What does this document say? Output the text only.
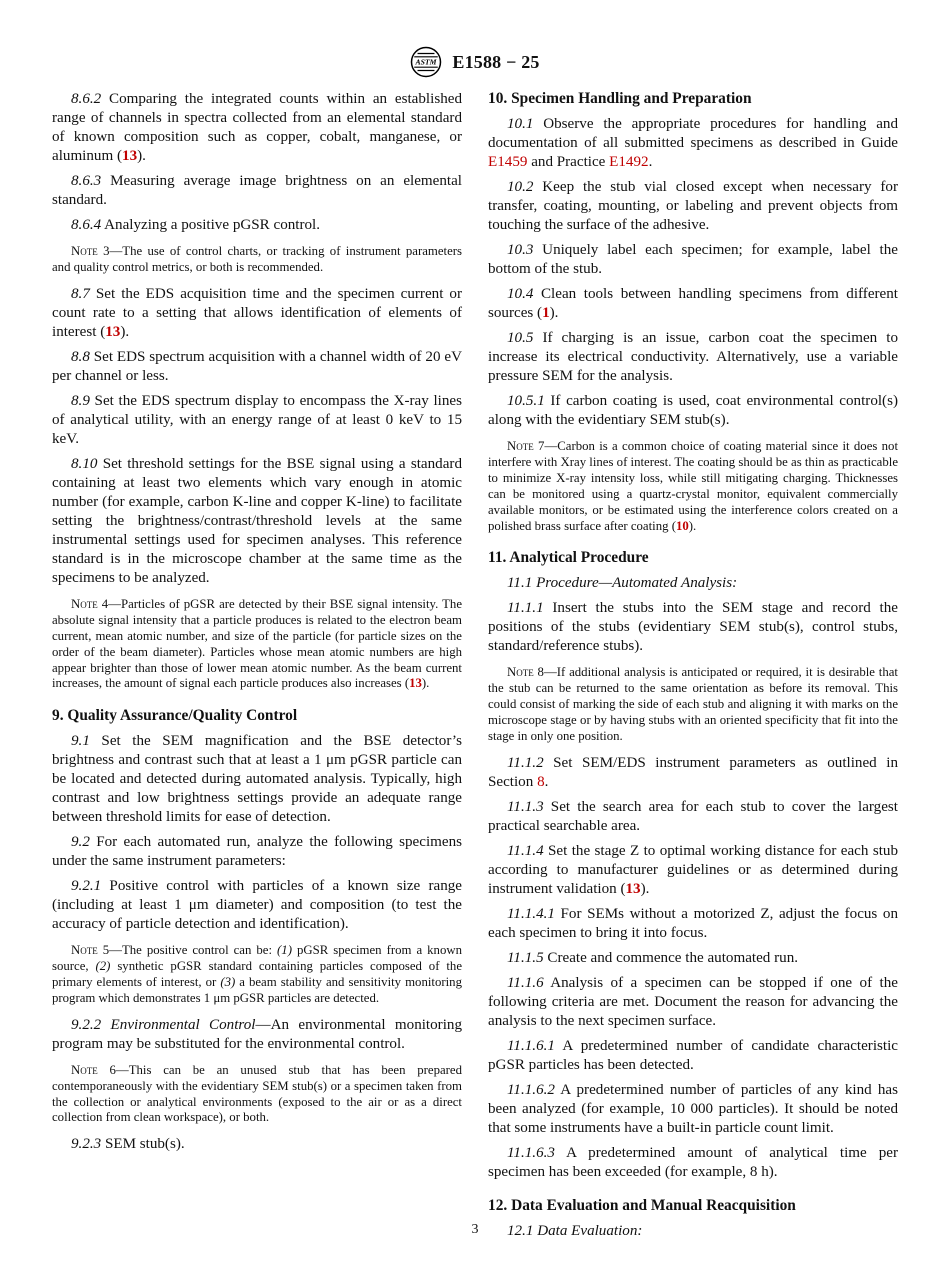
ASTM E1588 − 25

8.6.2 Comparing the integrated counts within an established range of channels in spectra collected from an elemental standard of known composition such as copper, cobalt, manganese, or aluminum (13).

8.6.3 Measuring average image brightness on an elemental standard.

8.6.4 Analyzing a positive pGSR control.

Note 3—The use of control charts, or tracking of instrument parameters and quality control metrics, or both is recommended.

8.7 Set the EDS acquisition time and the specimen current or count rate to a setting that allows identification of elements of interest (13).

8.8 Set EDS spectrum acquisition with a channel width of 20 eV per channel or less.

8.9 Set the EDS spectrum display to encompass the X-ray lines of analytical utility, with an energy range of at least 0 keV to 15 keV.

8.10 Set threshold settings for the BSE signal using a standard containing at least two elements which vary enough in atomic number (for example, carbon K-line and copper K-line) to facilitate setting the brightness/contrast/threshold levels at the same instrumental settings used for specimen analyses. This reference standard is in the microscope chamber at the same time as the specimens to be analyzed.

Note 4—Particles of pGSR are detected by their BSE signal intensity. The absolute signal intensity that a particle produces is related to the electron beam current, mean atomic number, and size of the particle (for particle sizes on the order of the beam diameter). Particles whose mean atomic numbers are high appear brighter than those of lower mean atomic number. As the beam current increases, the amount of signal each particle produces also increases (13).

9. Quality Assurance/Quality Control

9.1 Set the SEM magnification and the BSE detector’s brightness and contrast such that at least a 1 μm pGSR particle can be located and detected during automated analysis. Typically, high contrast and low brightness settings provide an adequate range between threshold limits for ease of detection.

9.2 For each automated run, analyze the following specimens under the same instrument parameters:

9.2.1 Positive control with particles of a known size range (including at least 1 μm diameter) and composition (to test the accuracy of particle detection and identification).

Note 5—The positive control can be: (1) pGSR specimen from a known source, (2) synthetic pGSR standard containing particles composed of the primary elements of interest, or (3) a beam stability and sensitivity monitoring program which demonstrates 1 μm pGSR particles are detected.

9.2.2 Environmental Control—An environmental monitoring program may be substituted for the environmental control.

Note 6—This can be an unused stub that has been prepared contemporaneously with the evidentiary SEM stub(s) or a specimen taken from the collection or analytical environments (exposed to the air or as a direct collection from clean workspace), or both.

9.2.3 SEM stub(s).

10. Specimen Handling and Preparation

10.1 Observe the appropriate procedures for handling and documentation of all submitted specimens as described in Guide E1459 and Practice E1492.

10.2 Keep the stub vial closed except when necessary for transfer, coating, mounting, or labeling and prevent objects from touching the surface of the adhesive.

10.3 Uniquely label each specimen; for example, label the bottom of the stub.

10.4 Clean tools between handling specimens from different sources (1).

10.5 If charging is an issue, carbon coat the specimen to increase its electrical conductivity. Alternatively, use a variable pressure SEM for the analysis.

10.5.1 If carbon coating is used, coat environmental control(s) along with the evidentiary SEM stub(s).

Note 7—Carbon is a common choice of coating material since it does not interfere with Xray lines of interest. The coating should be as thin as practicable to minimize X-ray intensity loss, while still mitigating charging. Thicknesses can be monitored using a quartz-crystal monitor, equivalent commercially available monitors, or be estimated using the interference colors created on a polished brass surface after coating (10).

11. Analytical Procedure

11.1 Procedure—Automated Analysis:

11.1.1 Insert the stubs into the SEM stage and record the positions of the stubs (evidentiary SEM stub(s), control stubs, standard/reference stubs).

Note 8—If additional analysis is anticipated or required, it is desirable that the stub can be returned to the same orientation as before its removal. This could consist of marking the side of each stub and aligning it with marks on the microscope stage or by having stubs with an oriented specificity that fit into the stage in only one position.

11.1.2 Set SEM/EDS instrument parameters as outlined in Section 8.

11.1.3 Set the search area for each stub to cover the largest practical searchable area.

11.1.4 Set the stage Z to optimal working distance for each stub according to manufacturer guidelines or as determined during instrument validation (13).

11.1.4.1 For SEMs without a motorized Z, adjust the focus on each specimen to bring it into focus.

11.1.5 Create and commence the automated run.

11.1.6 Analysis of a specimen can be stopped if one of the following criteria are met. Document the reason for advancing the analysis to the next specimen surface.

11.1.6.1 A predetermined number of candidate characteristic pGSR particles has been detected.

11.1.6.2 A predetermined number of particles of any kind has been analyzed (for example, 10 000 particles). It should be noted that some instruments have a built-in particle count limit.

11.1.6.3 A predetermined amount of analytical time per specimen has been exceeded (for example, 8 h).

12. Data Evaluation and Manual Reacquisition

12.1 Data Evaluation:

3
